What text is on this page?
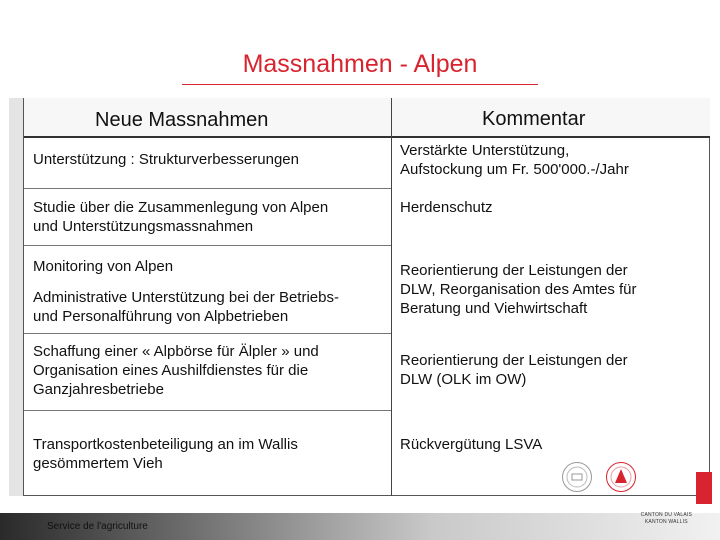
Massnahmen - Alpen
Neue Massnahmen	Kommentar
Unterstützung : Strukturverbesserungen
Verstärkte Unterstützung,
Aufstockung um Fr. 500'000.-/Jahr
Studie über die Zusammenlegung von Alpen
und Unterstützungsmassnahmen
Herdenschutz
Monitoring von Alpen	Reorientierung der Leistungen der
DLW, Reorganisation des Amtes für
Beratung und Viehwirtschaft
Administrative Unterstützung bei der Betriebs-
und Personalführung von Alpbetrieben
Schaffung einer « Alpbörse für Älpler » und
Organisation eines Aushilfdienstes für die
Ganzjahresbetriebe
Reorientierung der Leistungen der
DLW (OLK im OW)
Transportkostenbeteiligung an im Wallis
gesömmertem Vieh
Rückvergütung LSVA
Service de l'agriculture
CANTON DU VALAIS
KANTON WALLIS
